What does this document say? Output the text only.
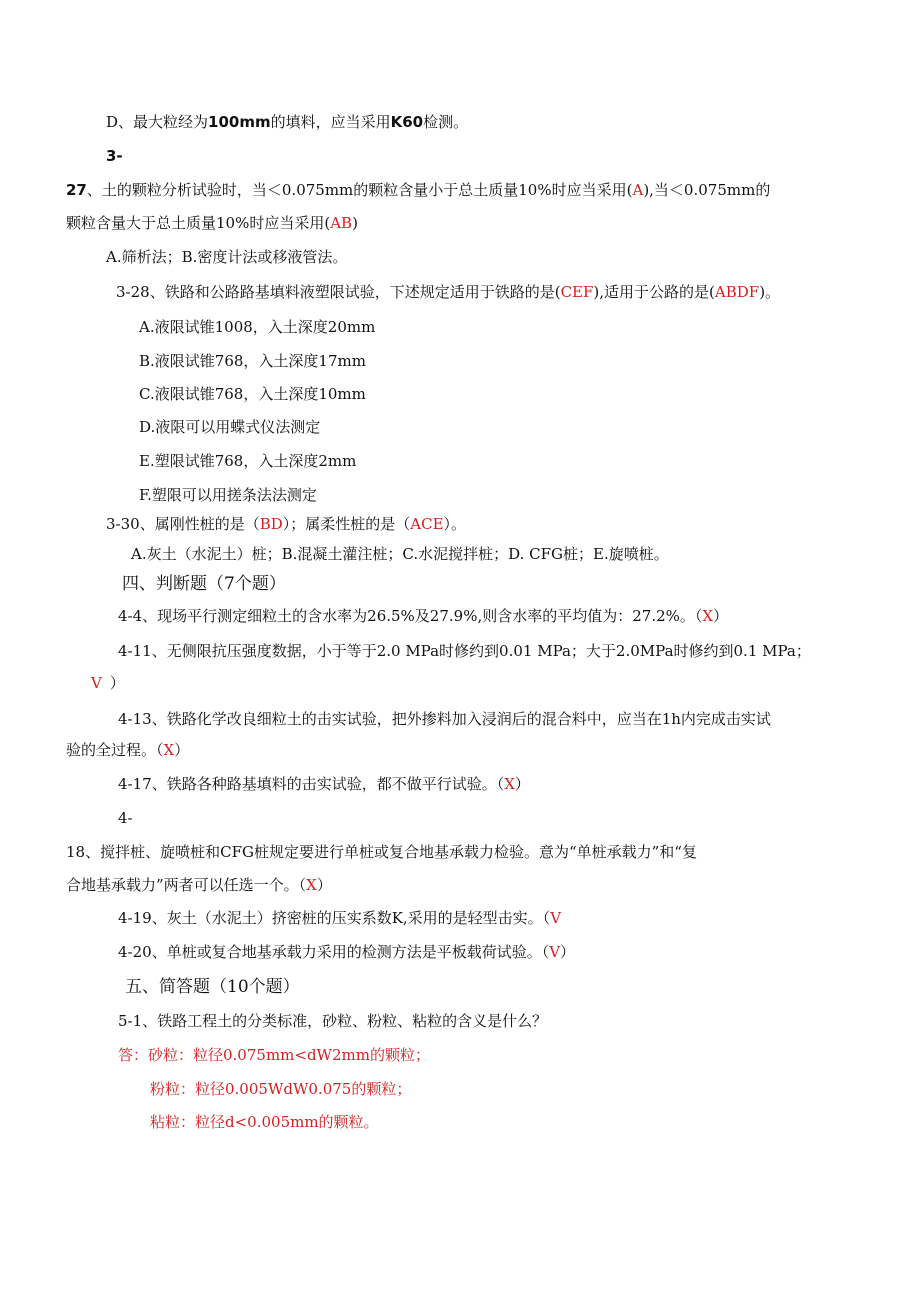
D、最大粒经为100mm的填料，应当采用K60检测。
3-
27、土的颗粒分析试验时，当＜0.075mm的颗粒含量小于总土质量10%时应当采用(A),当＜0.075mm的
颗粒含量大于总土质量10%时应当采用(AB)
A.筛析法；B.密度计法或移液管法。
3-28、铁路和公路路基填料液塑限试验，下述规定适用于铁路的是(CEF),适用于公路的是(ABDF)。
A.液限试锥1008，入土深度20mm
B.液限试锥768，入土深度17mm
C.液限试锥768，入土深度10mm
D.液限可以用蝶式仪法测定
E.塑限试锥768，入土深度2mm
F.塑限可以用搓条法法测定
3-30、属刚性桩的是（BD）；属柔性桩的是（ACE）。
A.灰土（水泥土）桩；B.混凝土灌注桩；C.水泥搅拌桩；D. CFG桩；E.旋喷桩。
四、判断题（7个题）
4-4、现场平行测定细粒土的含水率为26.5%及27.9%,则含水率的平均值为：27.2%。（X）
4-11、无侧限抗压强度数据，小于等于2.0 MPa时修约到0.01 MPa；大于2.0MPa时修约到0.1 MPa；
V ）
4-13、铁路化学改良细粒土的击实试验，把外掺料加入浸润后的混合料中，应当在1h内完成击实试
验的全过程。（X）
4-17、铁路各种路基填料的击实试验，都不做平行试验。（X）
4-
18、搅拌桩、旋喷桩和CFG桩规定要进行单桩或复合地基承载力检验。意为“单桩承载力”和“复
合地基承载力”两者可以任选一个。（X）
4-19、灰土（水泥土）挤密桩的压实系数K,采用的是轻型击实。（V
4-20、单桩或复合地基承载力采用的检测方法是平板载荷试验。（V）
五、简答题（10个题）
5-1、铁路工程土的分类标准，砂粒、粉粒、粘粒的含义是什么？
答：砂粒：粒径0.075mm<dW2mm的颗粒；
粉粒：粒径0.005WdW0.075的颗粒；
粘粒：粒径d<0.005mm的颗粒。
